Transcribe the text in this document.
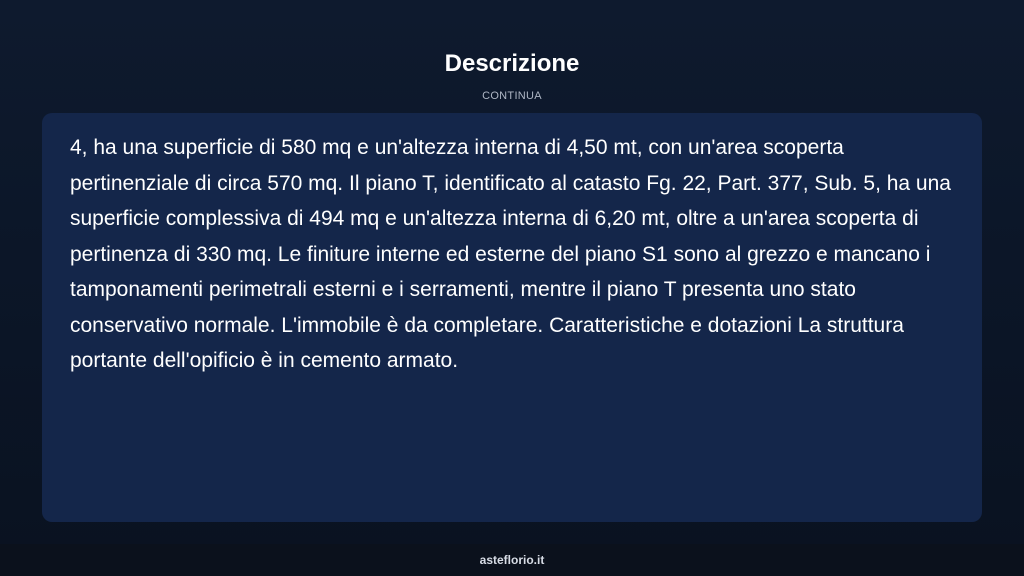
Descrizione
CONTINUA

4, ha una superficie di 580 mq e un'altezza interna di 4,50 mt, con un'area scoperta pertinenziale di circa 570 mq. Il piano T, identificato al catasto Fg. 22, Part. 377, Sub. 5, ha una superficie complessiva di 494 mq e un'altezza interna di 6,20 mt, oltre a un'area scoperta di pertinenza di 330 mq. Le finiture interne ed esterne del piano S1 sono al grezzo e mancano i tamponamenti perimetrali esterni e i serramenti, mentre il piano T presenta uno stato conservativo normale. L'immobile è da completare. Caratteristiche e dotazioni La struttura portante dell'opificio è in cemento armato.

asteflorio.it
